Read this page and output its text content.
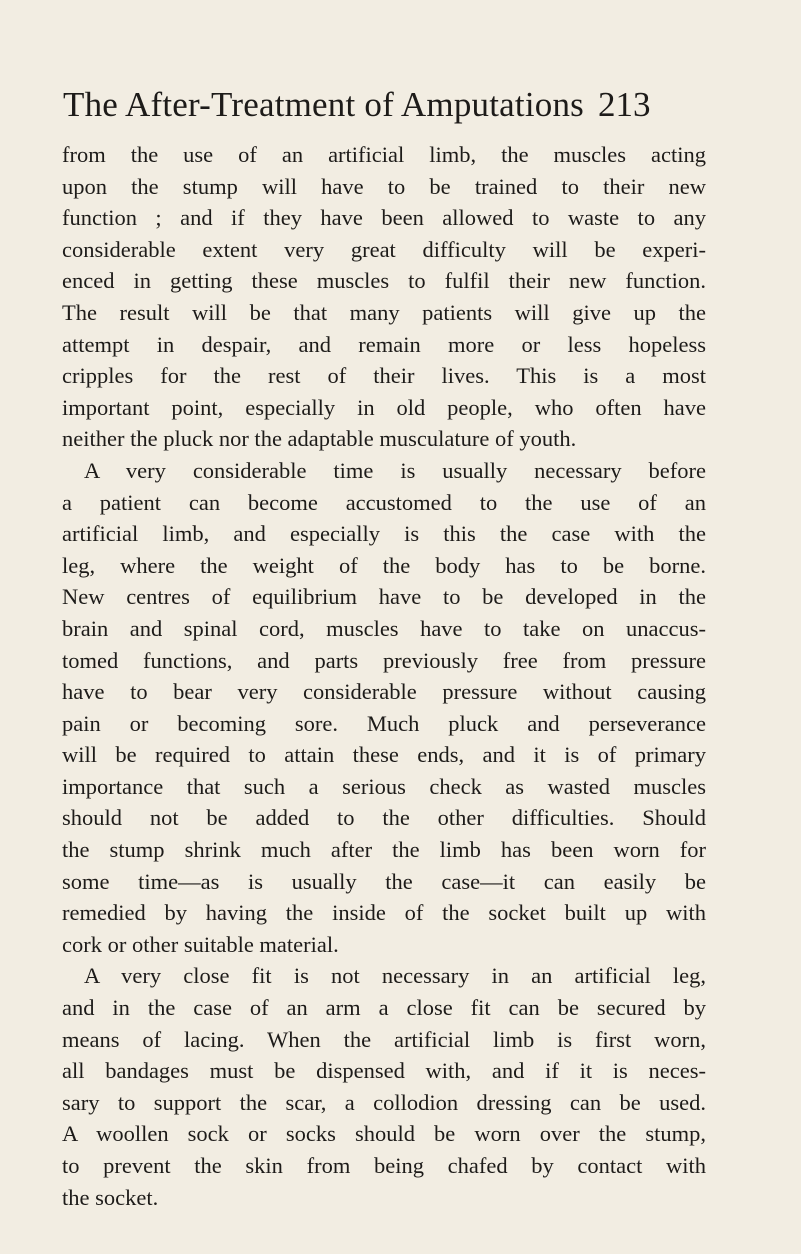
The After-Treatment of Amputations 213
from the use of an artificial limb, the muscles acting
upon the stump will have to be trained to their new
function ; and if they have been allowed to waste to any
considerable extent very great difficulty will be experi-
enced in getting these muscles to fulfil their new function.
The result will be that many patients will give up the
attempt in despair, and remain more or less hopeless
cripples for the rest of their lives. This is a most
important point, especially in old people, who often have
neither the pluck nor the adaptable musculature of youth.
A very considerable time is usually necessary before
a patient can become accustomed to the use of an
artificial limb, and especially is this the case with the
leg, where the weight of the body has to be borne.
New centres of equilibrium have to be developed in the
brain and spinal cord, muscles have to take on unaccus-
tomed functions, and parts previously free from pressure
have to bear very considerable pressure without causing
pain or becoming sore. Much pluck and perseverance
will be required to attain these ends, and it is of primary
importance that such a serious check as wasted muscles
should not be added to the other difficulties. Should
the stump shrink much after the limb has been worn for
some time—as is usually the case—it can easily be
remedied by having the inside of the socket built up with
cork or other suitable material.
A very close fit is not necessary in an artificial leg,
and in the case of an arm a close fit can be secured by
means of lacing. When the artificial limb is first worn,
all bandages must be dispensed with, and if it is neces-
sary to support the scar, a collodion dressing can be used.
A woollen sock or socks should be worn over the stump,
to prevent the skin from being chafed by contact with
the socket.
